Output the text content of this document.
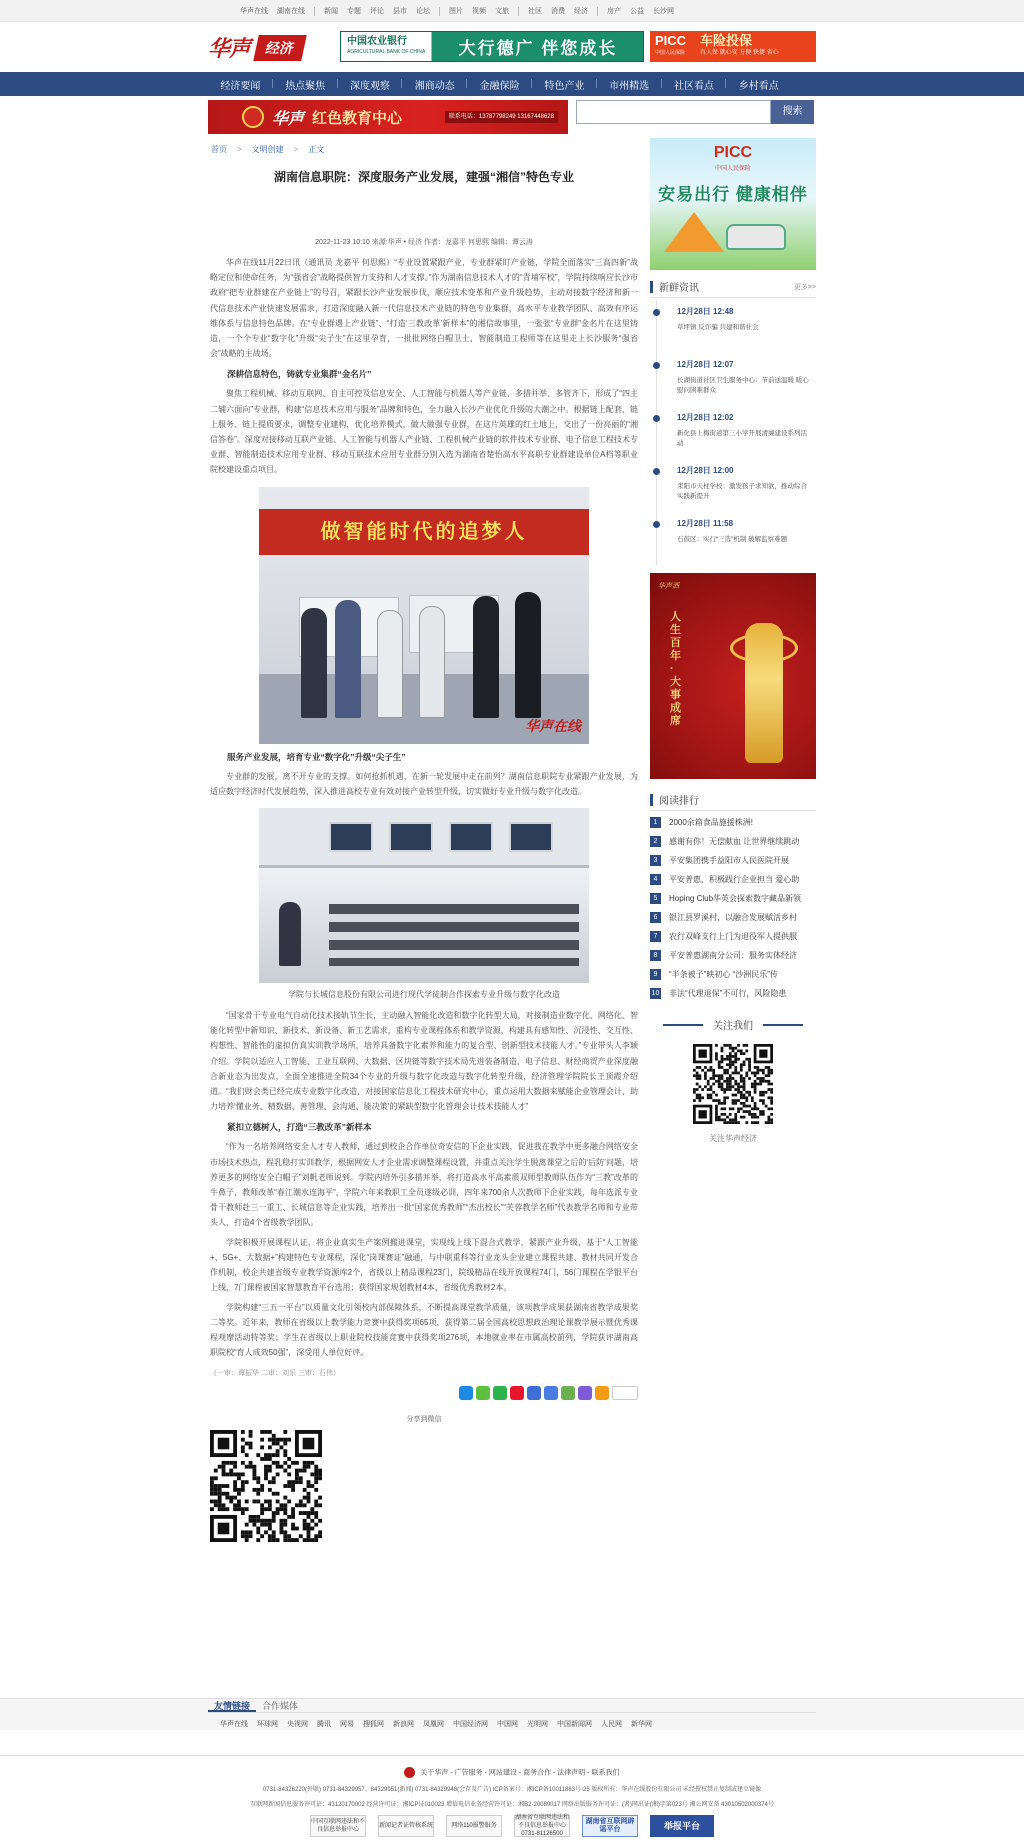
华声在线 湖南在线	新闻 专题 评论 县市 论坛	图片 视频 文旅	社区 消费 经济	房产 公益 长沙网
华声	经济	中国农业银行
AGRICULTURAL BANK OF CHINA	大行德广 伴您成长	PICC
中国人民保险
车险投保
有人保 就心安 方便 快捷 省心
经济要闻	热点聚焦	深度观察	湘商动态	金融保险	特色产业	市州精选	社区看点	乡村看点
华声 红色教育中心	联系电话：13787798249 13167448628	搜索
首页 > 文明创建 > 正文
湖南信息职院：深度服务产业发展，建强“湘信”特色专业
2022-11-23 10:10 来源:华声 • 经济 作者：龙嘉平 何思熙 编辑：谭云涛

华声在线11月22日讯（通讯员 龙嘉平 何思熙）“专业设置紧跟产业，专业群紧盯产业链，学院全面落实“三高四新”战略定位和使命任务，为“强省会”战略提供智力支持和人才支撑。”作为湖南信息技术人才的“青埔军校”，学院持续响应长沙市政府“把专业群建在产业链上”的号召，紧跟长沙产业发展步伐，顺应技术变革和产业升级趋势，主动对接数字经济和新一代信息技术产业快速发展需求，打造深度融入新一代信息技术产业链的特色专业集群，高水平专业教学团队、高效有序运维体系与信息特色品牌。在“专业群遇上产业链”、“打造‘三教改革’新样本”的湘信故事里，一张张“专业群”金名片在这里铸造，一个个专业“数字化”升级“尖子生”在这里孕育，一批批网络白帽卫士、智能制造工程师等在这里走上长沙服务“强省会”战略的主战场。

深耕信息特色，铸就专业集群“金名片”

聚焦工程机械、移动互联网、自主可控及信息安全、人工智能与机器人等产业链，多措并举、多管齐下，形成了“四主二辅六面向”专业群，构建“信息技术应用与服务”品牌和特色，全力融入长沙产业优化升级的大潮之中。根据链上配套、链上服务、链上提质要求，调整专业建构，优化培养模式，做大做强专业群，在这片英雄的红土地上，交出了一份亮丽的“湘信答卷”。深度对接移动互联产业链、人工智能与机器人产业链、工程机械产业链的软件技术专业群、电子信息工程技术专业群、智能制造技术应用专业群、移动互联技术应用专业群分别入选为湖南省楚怡高水平高职专业群建设单位A档等职业院校建设重点项目。

做智能时代的追梦人
华声在线

服务产业发展，培育专业“数字化”升级“尖子生”

专业群的发展，离不开专业的支撑。如何抢抓机遇，在新一轮发展中走在前列？湖南信息职院专业紧跟产业发展，为适应数字经济时代发展趋势，深入推进高校专业有效对接产业转型升级，切实做好专业升级与数字化改造。

学院与长城信息股份有限公司进行现代学徒制合作探索专业升级与数字化改造

“国家骨干专业电气自动化技术接轨节生长，主动融入智能化改造和数字化转型大局，对接制造业数字化、网络化、智能化转型中新知识、新技术、新设备、新工艺需求，重构专业课程体系和教学资源，构建具有感知性、沉浸性、交互性、构想性、智能性的虚拟仿真实训教学场所，培养具备数字化素养和能力的复合型、创新型技术技能人才。”专业带头人李颖介绍。学院以适应人工智能、工业互联网、大数据、区块链等数字技术局先进装备制造、电子信息、财经商贸产业深度融合新业态为出发点，全面全速推进全院34个专业的升级与数字化改造与数字化转型升级，经济管理学院院长王顶霞介绍道。“我们财会类已经完成专业数字化改造，对接国家信息化工程技术研究中心，重点运用大数据来赋能企业管理会计，助力培养‘懂业务、精数据、善管理、会沟通、能决策’的紧缺型数字化管理会计技术技能人才”

紧扣立德树人，打造“三教改革”新样本

“作为一名培养网络安全人才专人教师，通过到校企合作单位奇安信的下企业实践，促进我在教学中更多融合网络安全市场技术热点，程乳稳打实训教学，根据网安人才企业需求调整课程设置，并重点关注学生脱离课堂之后的‘后防’问题，培养更多的网络安全白帽子”刘帆老师说到。学院内培外引多措并举，将打造高水平高素质双师型教师队伍作为“三教”改革的牛鼻子，教师改革“春江潮水连海平”，学院六年来教职工全员遂级必训，四年来700余人次教师下企业实践，每年选派专业骨干教师赴三一重工、长城信息等企业实践，培养出一批“国家优秀教师”“杰出校长”“芙蓉教学名师”代表教学名师和专业带头人，打造4个省级教学团队。

学院积极开展课程认证，将企业真实生产案例搬进课堂，实现线上线下混合式教学，紧跟产业升级，基于“人工智能+、5G+、大数据+”构建特色专业课程，深化“岗课赛证”融通，与中联重科等行业龙头企业建立课程共建、教材共同开发合作机制，校企共建省级专业教学资源库2个，省级以上精品课程23门，院级精品在线开放课程74门，56门课程在学银平台上线，7门课程被国家智慧教育平台选用；获得国家规划教材4本、省级优秀教材2本。

学院构建“三五一平台”以质量文化引领校内部保障体系，不断提高课堂教学质量，该项教学成果获湖南省教学成果奖二等奖。近年来，教师在省级以上教学能力竞赛中获得奖项65项，获得第二届全国高校思想政治理论课教学展示暨优秀课程观摩活动特等奖；学生在省级以上职业院校技能竞赛中获得奖项276项，本地就业率在市属高校前列，学院获评湖南高职院校“育人成效50强”，深受用人单位好评。

（一审：谭振华 二审：刘乐 三审：石伟）
分享到微信
PICC
中国人民保险
安易出行 健康相伴
新鲜资讯	更多>>
12月28日 12:48
草坪镇 反诈骗 共建和谐社会
12月28日 12:07
长湖街道社区卫生服务中心：节前送温暖 暖心 慰问困难群众
12月28日 12:02
新化县上梅街道第三小学开展清廉建设系列活动
12月28日 12:00
耒阳市天柱学校：激发孩子求知欲，推动综合实践新提升
12月28日 11:58
石鼓区：实行“三选”机制 破解监察难题
华声酒
人生百年·大事成席
阅读排行
1	2000余箱食品施援株洲!
2	感谢有你！无偿献血 让世界继续跳动
3	平安集团携手益阳市人民医院开展
4	平安普惠，积极践行企业担当 爱心助
5	Hoping Club华英会探索数字藏品新领
6	银江县罗溪村，以融合发展赋活乡村
7	农行双峰支行上门为退役军人提供服
8	平安普惠湖南分公司：服务实体经济
9	“半条被子”映初心 “沙洲民乐”传
10 非法“代理退保”不可行，风险隐患
关注我们
关注华声经济
友情链接	合作媒体
华声在线 环球网 央视网 腾讯 网易 搜狐网 新浪网 凤凰网 中国经济网 中国网 光明网 中国新闻网 人民网 新华网
关于华声 - 广告服务 - 网站建设 - 商务合作 - 法律声明 - 联系我们
0731-84326220(外联) 0731-84329957、84329951(新闻) 0731-84329948(会存及广告) ICP备案号：湘ICP备10011883号-25 版权所有：华声在线股份有限公司 未经授权禁止复制或建立镜像
互联网新闻信息服务许可证：43120170002 经营许可证：湘ICP证010023 增值电信业务经营许可证：湘B2-20080017 网络出版服务许可证：(署)网出证(湘)字第023号 湘公网安备 43010502000374号
中国互联网违法和不良信息举报中心
新闻记者证管核系统	网络110报警服务
湖南省互联网违法和不良信息举报中心 0731-81126500
湖南省互联网辟谣平台	举报平台
